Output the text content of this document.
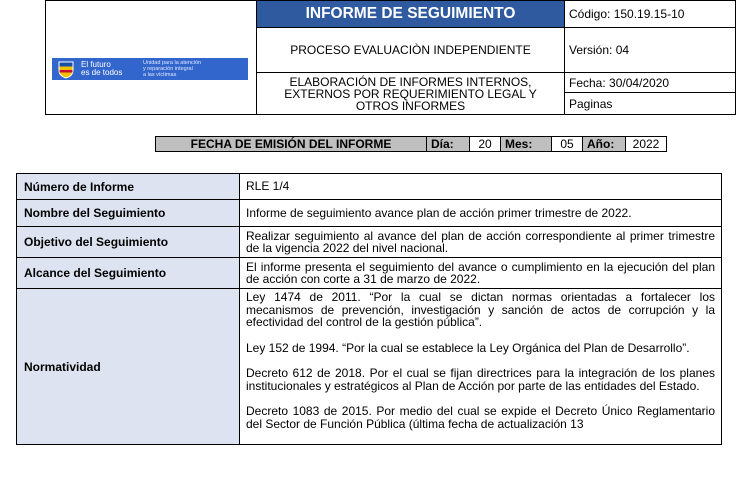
El futuro
es de todos
Unidad para la atención
y reparación integral
a las víctimas	INFORME DE SEGUIMIENTO	Código: 150.19.15-10
	PROCESO EVALUACIÒN INDEPENDIENTE	Versión: 04

	ELABORACIÓN DE INFORMES INTERNOS,
EXTERNOS POR REQUERIMIENTO LEGAL Y
OTROS INFORMES	Fecha: 30/04/2020
		Paginas
FECHA DE EMISIÓN DEL INFORME	Día:	20	Mes:	05	Año:	2022
Número de Informe	RLE 1/4
Nombre del Seguimiento	Informe de seguimiento avance plan de acción primer trimestre de 2022.
Objetivo del Seguimiento	Realizar seguimiento al avance del plan de acción correspondiente al primer trimestre de la vigencia 2022 del nivel nacional.
Alcance del Seguimiento	El informe presenta el seguimiento del avance o cumplimiento en la ejecución del plan de acción con corte a 31 de marzo de 2022.
Normatividad	Ley 1474 de 2011. “Por la cual se dictan normas orientadas a fortalecer los mecanismos de prevención, investigación y sanción de actos de corrupción y la efectividad del control de la gestión pública”.

Ley 152 de 1994. “Por la cual se establece la Ley Orgánica del Plan de Desarrollo”.

Decreto 612 de 2018. Por el cual se fijan directrices para la integración de los planes institucionales y estratégicos al Plan de Acción por parte de las entidades del Estado.

Decreto 1083 de 2015. Por medio del cual se expide el Decreto Único Reglamentario del Sector de Función Pública (última fecha de actualización 13
